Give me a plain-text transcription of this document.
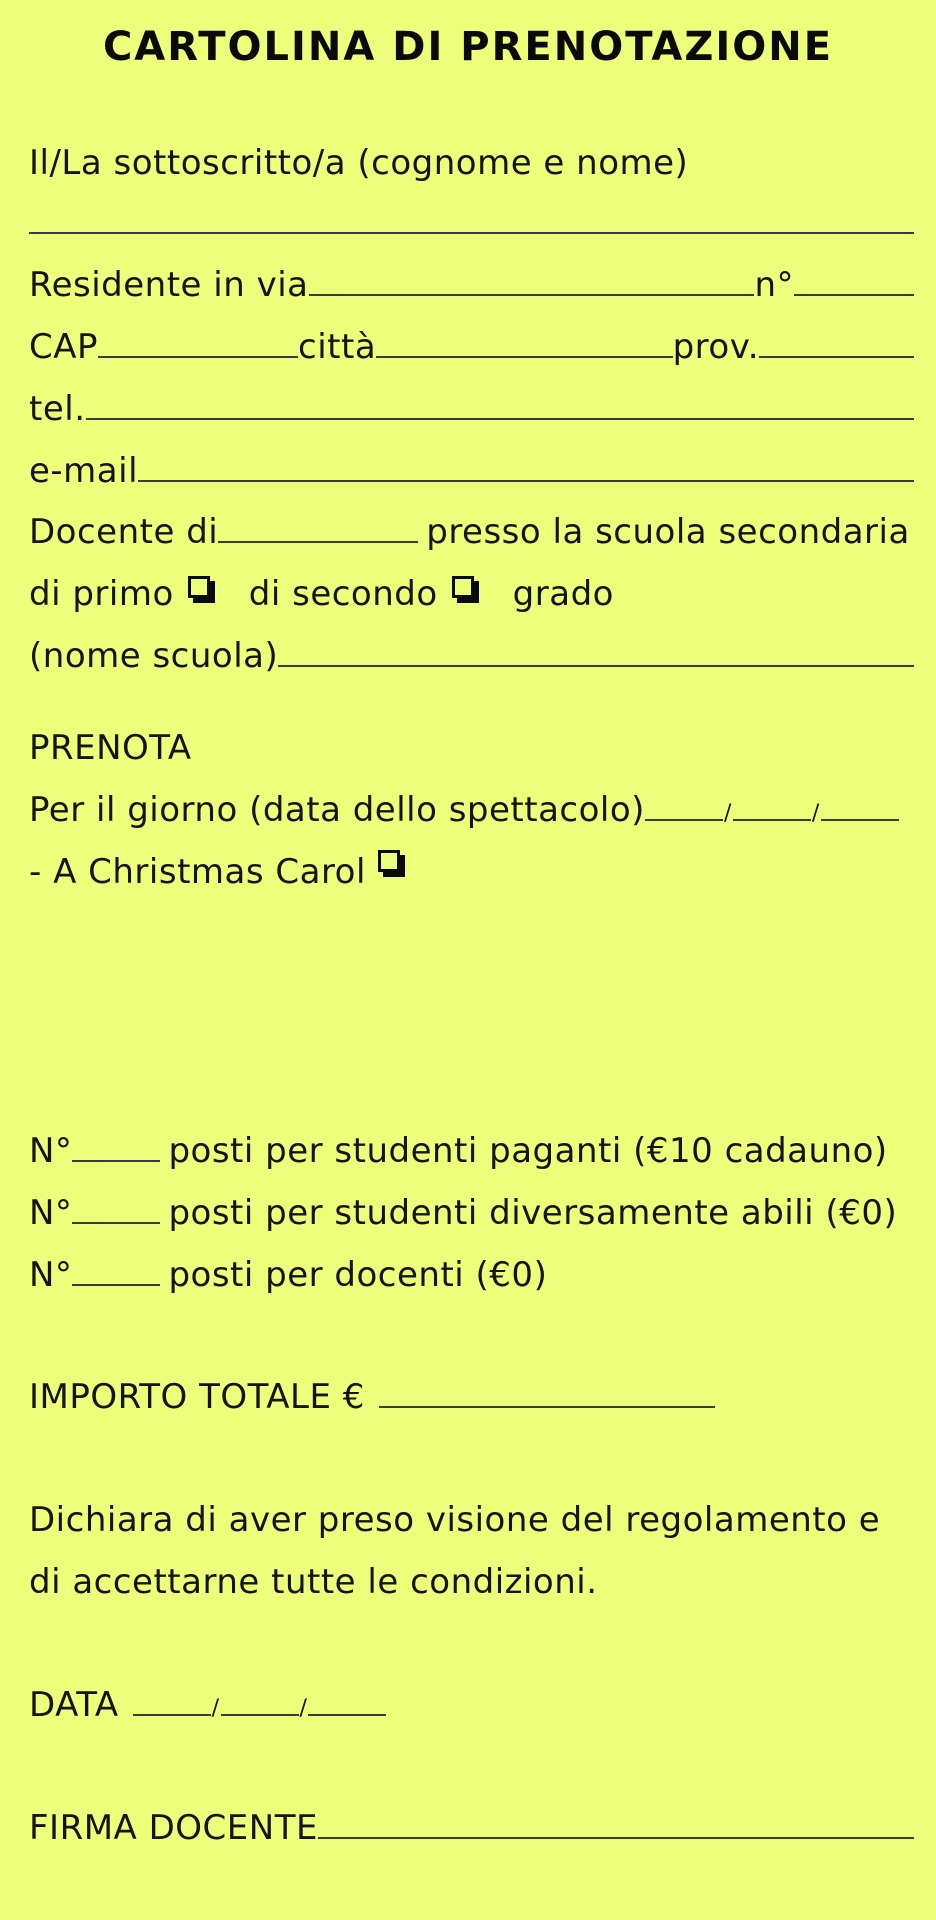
CARTOLINA DI PRENOTAZIONE
Il/La sottoscritto/a (cognome e nome)
Residente in via	n°
CAP	città	prov.
tel.
e-mail
Docente di	presso la scuola secondaria
di primo di secondo grado
(nome scuola)
PRENOTA
Per il giorno (data dello spettacolo)	/	/
- A Christmas Carol
N°	posti per studenti paganti (€10 cadauno)
N°	posti per studenti diversamente abili (€0)
N°	posti per docenti (€0)
IMPORTO TOTALE €
Dichiara di aver preso visione del regolamento e
di accettarne tutte le condizioni.
DATA	/	/
FIRMA DOCENTE
